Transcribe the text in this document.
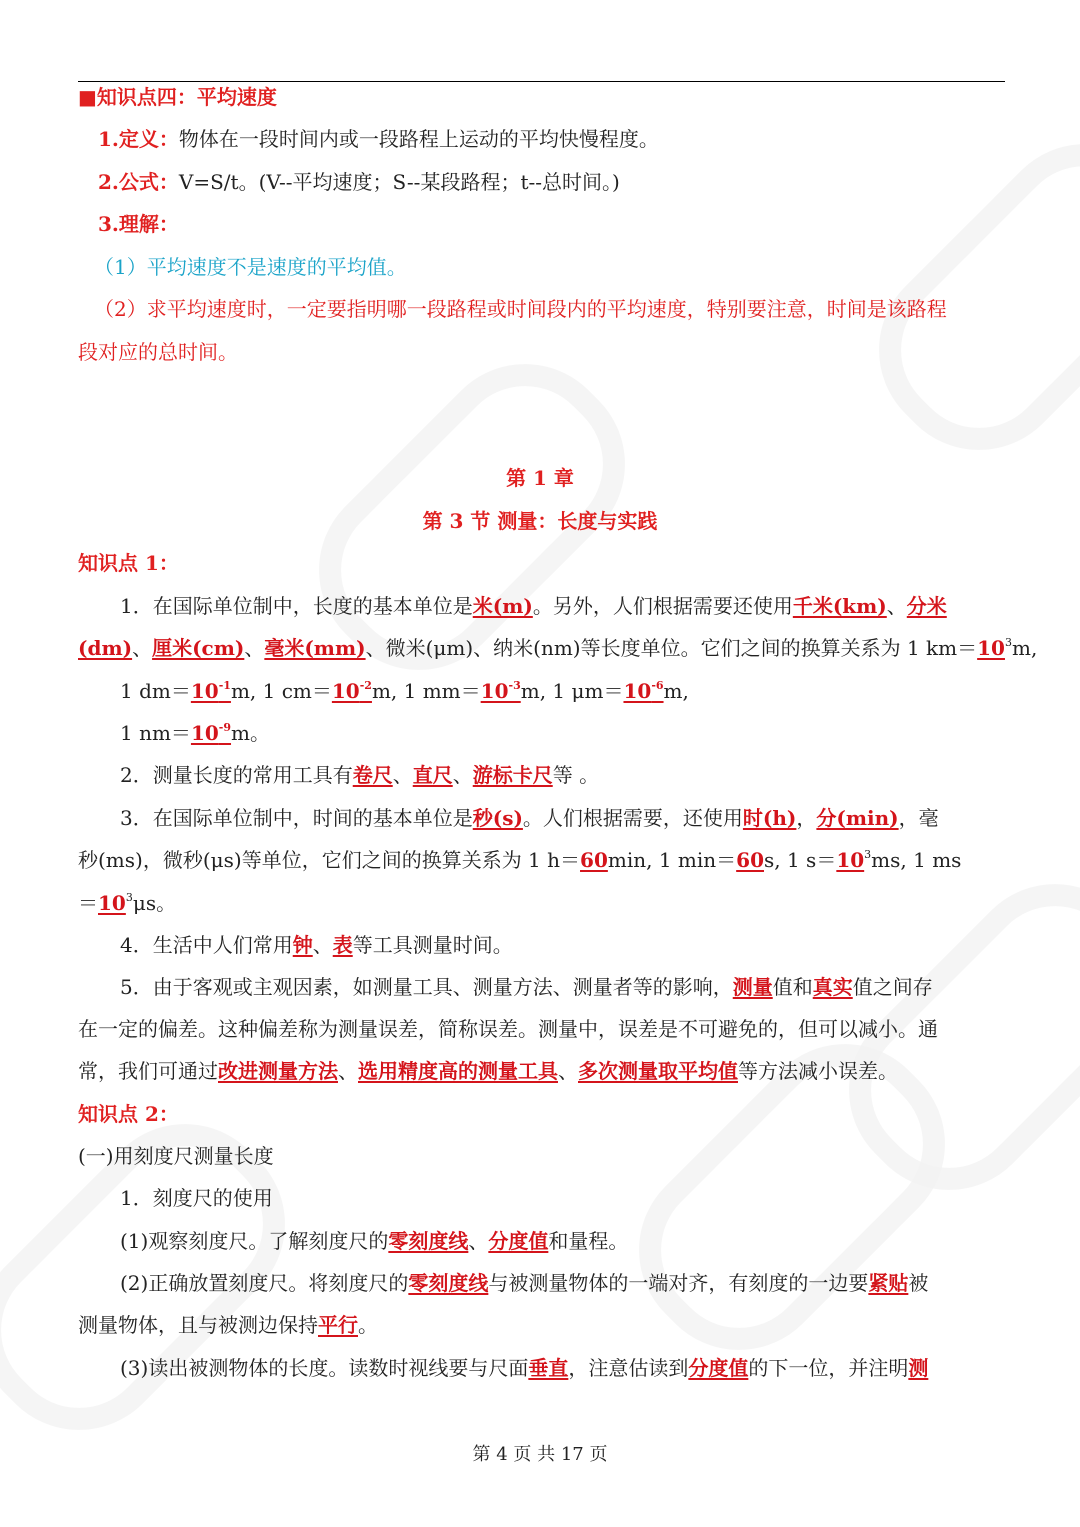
■知识点四：平均速度
1.定义：物体在一段时间内或一段路程上运动的平均快慢程度。
2.公式：V=S/t。(V--平均速度；S--某段路程；t--总时间。)
3.理解：
（1）平均速度不是速度的平均值。
（2）求平均速度时，一定要指明哪一段路程或时间段内的平均速度，特别要注意，时间是该路程
段对应的总时间。
第 1 章
第 3 节 测量：长度与实践
知识点 1：
1．在国际单位制中，长度的基本单位是米(m)。另外，人们根据需要还使用千米(km)、分米
(dm)、厘米(cm)、毫米(mm)、微米(μm)、纳米(nm)等长度单位。它们之间的换算关系为 1 $km=10^3m$,
1 $dm=10^{-1}m$, 1 $cm=10^{-2}m$, 1 $mm=10^{-3}m$, 1 $\mu m=10^{-6}m$,
1 $nm=10^{-9}m$。
2．测量长度的常用工具有卷尺、直尺、游标卡尺等 。
3．在国际单位制中，时间的基本单位是秒(s)。人们根据需要，还使用时(h)，分(min)，毫
秒(ms)，微秒(μs)等单位，它们之间的换算关系为 1 h＝60min, 1 min＝60s, 1 $s=10^3ms$, 1 ms
$=10^3\mu s$。
4．生活中人们常用钟、表等工具测量时间。
5．由于客观或主观因素，如测量工具、测量方法、测量者等的影响，测量值和真实值之间存
在一定的偏差。这种偏差称为测量误差，简称误差。测量中，误差是不可避免的，但可以减小。通
常，我们可通过改进测量方法、选用精度高的测量工具、多次测量取平均值等方法减小误差。
知识点 2：
(一)用刻度尺测量长度
1．刻度尺的使用
(1)观察刻度尺。了解刻度尺的零刻度线、分度值和量程。
(2)正确放置刻度尺。将刻度尺的零刻度线与被测量物体的一端对齐，有刻度的一边要紧贴被
测量物体，且与被测边保持平行。
(3)读出被测物体的长度。读数时视线要与尺面垂直，注意估读到分度值的下一位，并注明测
第 4 页 共 17 页
